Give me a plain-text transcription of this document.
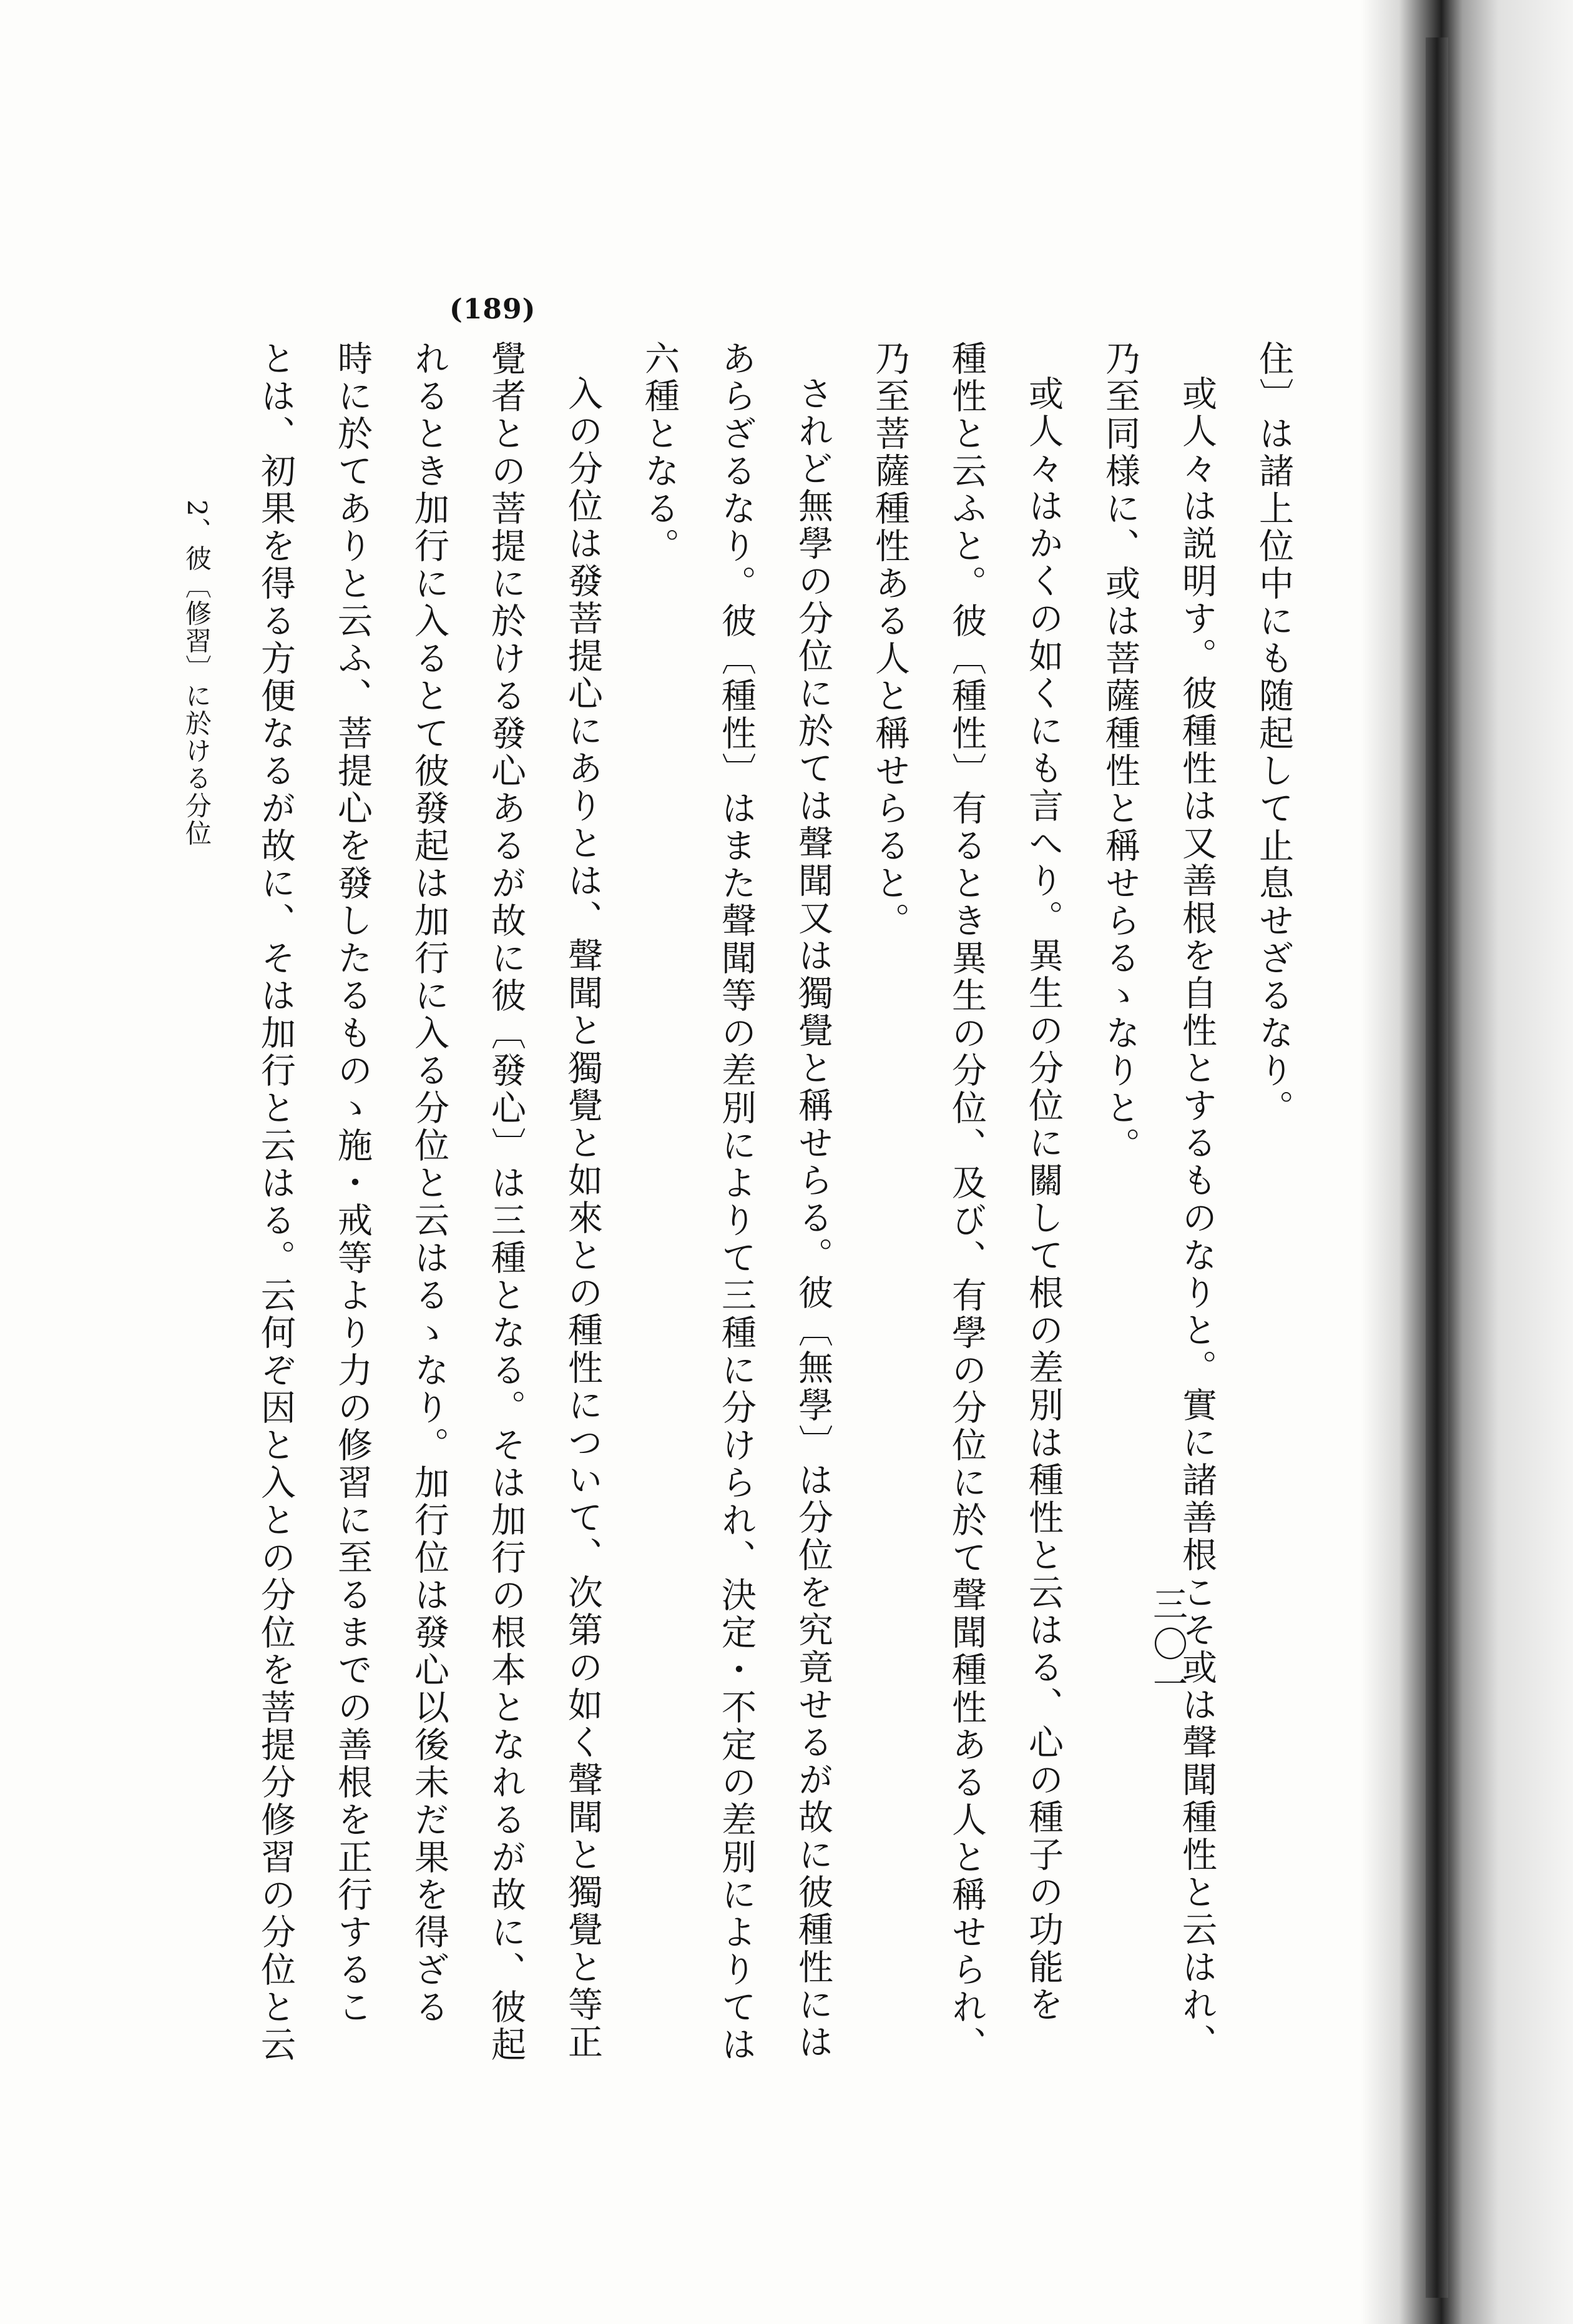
(189)
住〕は諸上位中にも随起して止息せざるなり。
或人々は説明す。彼種性は又善根を自性とするものなりと。實に諸善根こそ或は聲聞種性と云はれ、
乃至同様に、或は菩薩種性と稱せらるゝなりと。
或人々はかくの如くにも言へり。異生の分位に關して根の差別は種性と云はる、心の種子の功能を
種性と云ふと。彼〔種性〕有るとき異生の分位、及び、有學の分位に於て聲聞種性ある人と稱せられ、
乃至菩薩種性ある人と稱せらると。
されど無學の分位に於ては聲聞又は獨覺と稱せらる。彼〔無學〕は分位を究竟せるが故に彼種性には
あらざるなり。彼〔種性〕はまた聲聞等の差別によりて三種に分けられ、決定・不定の差別によりては
六種となる。
入の分位は發菩提心にありとは、聲聞と獨覺と如來との種性について、次第の如く聲聞と獨覺と等正
覺者との菩提に於ける發心あるが故に彼〔發心〕は三種となる。そは加行の根本となれるが故に、彼起
れるとき加行に入るとて彼發起は加行に入る分位と云はるゝなり。加行位は發心以後未だ果を得ざる
時に於てありと云ふ、菩提心を發したるものゝ施・戒等より力の修習に至るまでの善根を正行するこ
とは、初果を得る方便なるが故に、そは加行と云はる。云何ぞ因と入との分位を菩提分修習の分位と云
2、彼〔修習〕に於ける分位
三〇一
